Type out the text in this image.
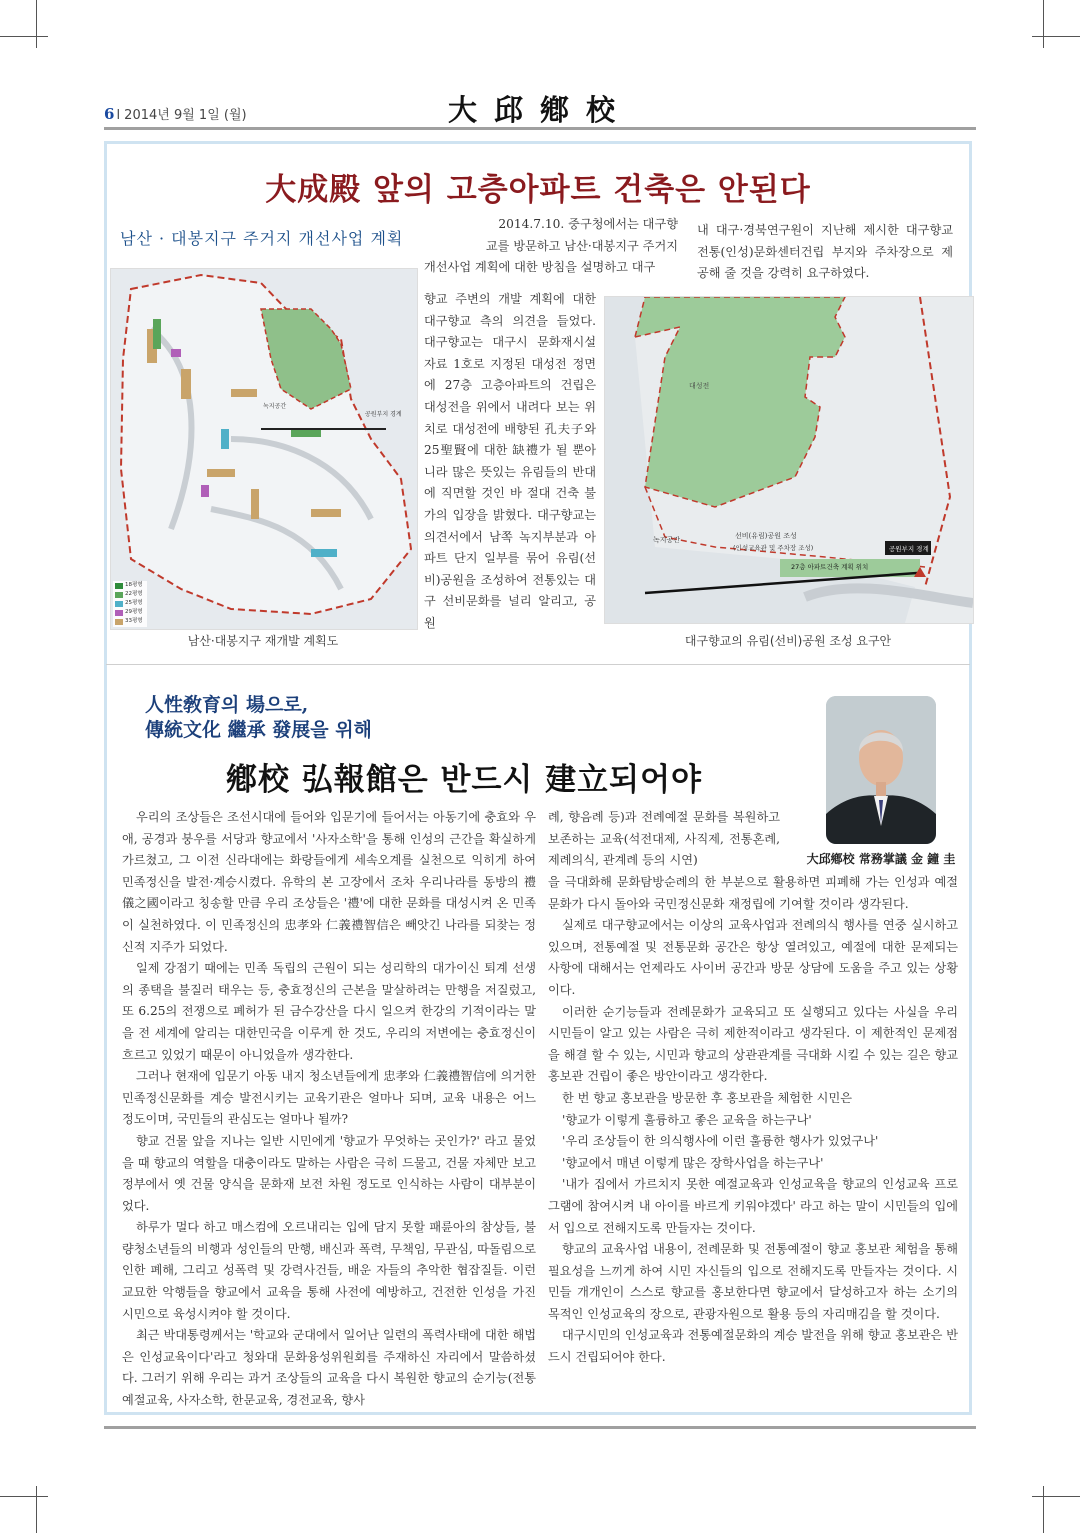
6 l 2014년 9월 1일 (월)	大邱鄕校
大成殿 앞의 고층아파트 건축은 안된다
남산 · 대봉지구 주거지 개선사업 계획

2014.7.10. 중구청에서는 대구향

교를 방문하고 남산·대봉지구 주거지

개선사업 계획에 대한 방침을 설명하고 대구

향교 주변의 개발 계획에 대한 대구향교 측의 의견을 들었다. 대구향교는 대구시 문화재시설자료 1호로 지정된 대성전 정면에 27층 고층아파트의 건립은 대성전을 위에서 내려다 보는 위치로 대성전에 배향된 孔夫子와 25聖賢에 대한 缺禮가 될 뿐아니라 많은 뜻있는 유림들의 반대에 직면할 것인 바 절대 건축 불가의 입장을 밝혔다. 대구향교는 의견서에서 남쪽 녹지부분과 아파트 단지 일부를 묶어 유림(선비)공원을 조성하여 전통있는 대구 선비문화를 널리 알리고, 공원

내 대구·경북연구원이 지난해 제시한 대구향교 전통(인성)문화센터건립 부지와 주차장으로 제공해 줄 것을 강력히 요구하였다.

18평형
22평형
25평형
29평형
33평형
녹지공간
공원부지 경계
남산·대봉지구 재개발 계획도
대성전
녹지공간	선비(유림)공원 조성
(인성교육관 및 주차장 조성)	공원부지 경계
27층 아파트건축 계획 위치
대구향교의 유림(선비)공원 조성 요구안
人性敎育의 場으로,
傳統文化 繼承 發展을 위해
鄕校 弘報館은 반드시 建立되어야
大邱鄕校 常務掌議 金 鐘 圭

우리의 조상들은 조선시대에 들어와 입문기에 들어서는 아동기에 충효와 우애, 공경과 붕우를 서당과 향교에서 '사자소학'을 통해 인성의 근간을 확실하게 가르쳤고, 그 이전 신라대에는 화랑들에게 세속오계를 실천으로 익히게 하여 민족정신을 발전·계승시켰다. 유학의 본 고장에서 조차 우리나라를 동방의 禮儀之國이라고 칭송할 만큼 우리 조상들은 '禮'에 대한 문화를 대성시켜 온 민족이 실천하였다. 이 민족정신의 忠孝와 仁義禮智信은 빼앗긴 나라를 되찾는 정신적 지주가 되었다.

일제 강점기 때에는 민족 독립의 근원이 되는 성리학의 대가이신 퇴계 선생의 종택을 불질러 태우는 등, 충효정신의 근본을 말살하려는 만행을 저질렀고, 또 6.25의 전쟁으로 폐허가 된 금수강산을 다시 일으켜 한강의 기적이라는 말을 전 세계에 알리는 대한민국을 이루게 한 것도, 우리의 저변에는 충효정신이 흐르고 있었기 때문이 아니었을까 생각한다.

그러나 현재에 입문기 아동 내지 청소년들에게 忠孝와 仁義禮智信에 의거한 민족정신문화를 계승 발전시키는 교육기관은 얼마나 되며, 교육 내용은 어느 정도이며, 국민들의 관심도는 얼마나 될까?

향교 건물 앞을 지나는 일반 시민에게 '향교가 무엇하는 곳인가?' 라고 물었을 때 향교의 역할을 대충이라도 말하는 사람은 극히 드물고, 건물 자체만 보고 정부에서 옛 건물 양식을 문화재 보전 차원 정도로 인식하는 사람이 대부분이었다.

하루가 멀다 하고 매스컴에 오르내리는 입에 담지 못할 패륜아의 참상들, 불량청소년들의 비행과 성인들의 만행, 배신과 폭력, 무책임, 무관심, 따돌림으로 인한 폐해, 그리고 성폭력 및 강력사건들, 배운 자들의 추악한 협잡질들. 이런 교묘한 악행들을 향교에서 교육을 통해 사전에 예방하고, 건전한 인성을 가진 시민으로 육성시켜야 할 것이다.

최근 박대통령께서는 '학교와 군대에서 일어난 일련의 폭력사태에 대한 해법은 인성교육이다'라고 청와대 문화융성위원회를 주재하신 자리에서 말씀하셨다. 그러기 위해 우리는 과거 조상들의 교육을 다시 복원한 향교의 순기능(전통예절교육, 사자소학, 한문교육, 경전교육, 향사

례, 향음례 등)과 전례예절 문화를 복원하고 보존하는 교육(석전대제, 사직제, 전통혼례, 제례의식, 관계례 등의 시연)

을 극대화해 문화탐방순례의 한 부분으로 활용하면 피폐해 가는 인성과 예절문화가 다시 돌아와 국민정신문화 재정립에 기여할 것이라 생각된다.

실제로 대구향교에서는 이상의 교육사업과 전례의식 행사를 연중 실시하고 있으며, 전통예절 및 전통문화 공간은 항상 열려있고, 예절에 대한 문제되는 사항에 대해서는 언제라도 사이버 공간과 방문 상담에 도움을 주고 있는 상황이다.

이러한 순기능들과 전례문화가 교육되고 또 실행되고 있다는 사실을 우리 시민들이 알고 있는 사람은 극히 제한적이라고 생각된다. 이 제한적인 문제점을 해결 할 수 있는, 시민과 향교의 상관관계를 극대화 시킬 수 있는 길은 향교 홍보관 건립이 좋은 방안이라고 생각한다.

한 번 향교 홍보관을 방문한 후 홍보관을 체험한 시민은

'향교가 이렇게 훌륭하고 좋은 교육을 하는구나'

'우리 조상들이 한 의식행사에 이런 훌륭한 행사가 있었구나'

'향교에서 매년 이렇게 많은 장학사업을 하는구나'

'내가 집에서 가르치지 못한 예절교육과 인성교육을 향교의 인성교육 프로그램에 참여시켜 내 아이를 바르게 키워야겠다' 라고 하는 말이 시민들의 입에서 입으로 전해지도록 만들자는 것이다.

향교의 교육사업 내용이, 전례문화 및 전통예절이 향교 홍보관 체험을 통해 필요성을 느끼게 하여 시민 자신들의 입으로 전해지도록 만들자는 것이다. 시민들 개개인이 스스로 향교를 홍보한다면 향교에서 달성하고자 하는 소기의 목적인 인성교육의 장으로, 관광자원으로 활용 등의 자리매김을 할 것이다.

대구시민의 인성교육과 전통예절문화의 계승 발전을 위해 향교 홍보관은 반드시 건립되어야 한다.
